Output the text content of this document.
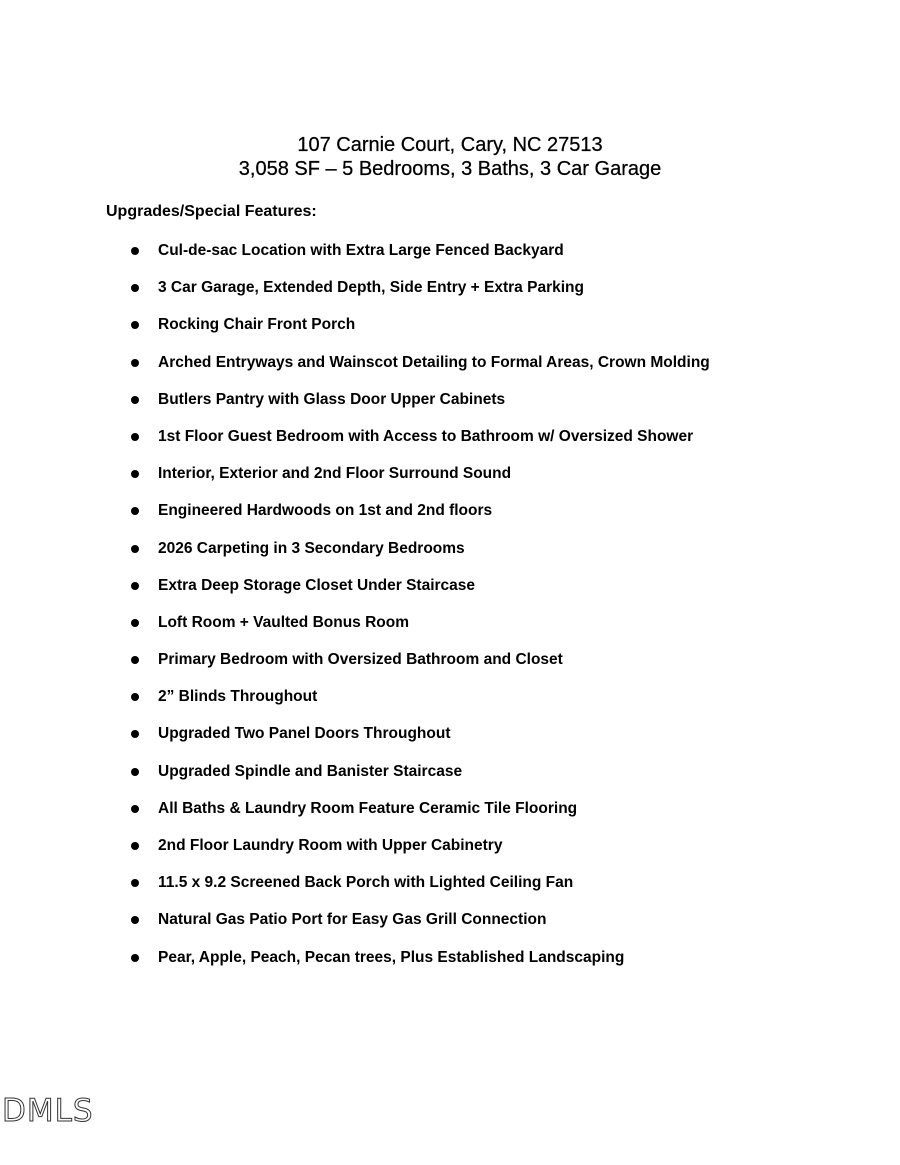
107 Carnie Court, Cary, NC 27513

3,058 SF – 5 Bedrooms, 3 Baths, 3 Car Garage

Upgrades/Special Features:

Cul-de-sac Location with Extra Large Fenced Backyard
3 Car Garage, Extended Depth, Side Entry + Extra Parking
Rocking Chair Front Porch
Arched Entryways and Wainscot Detailing to Formal Areas, Crown Molding
Butlers Pantry with Glass Door Upper Cabinets
1st Floor Guest Bedroom with Access to Bathroom w/ Oversized Shower
Interior, Exterior and 2nd Floor Surround Sound
Engineered Hardwoods on 1st and 2nd floors
2026 Carpeting in 3 Secondary Bedrooms
Extra Deep Storage Closet Under Staircase
Loft Room + Vaulted Bonus Room
Primary Bedroom with Oversized Bathroom and Closet
2” Blinds Throughout
Upgraded Two Panel Doors Throughout
Upgraded Spindle and Banister Staircase
All Baths & Laundry Room Feature Ceramic Tile Flooring
2nd Floor Laundry Room with Upper Cabinetry
11.5 x 9.2 Screened Back Porch with Lighted Ceiling Fan
Natural Gas Patio Port for Easy Gas Grill Connection
Pear, Apple, Peach, Pecan trees, Plus Established Landscaping
DMLS
